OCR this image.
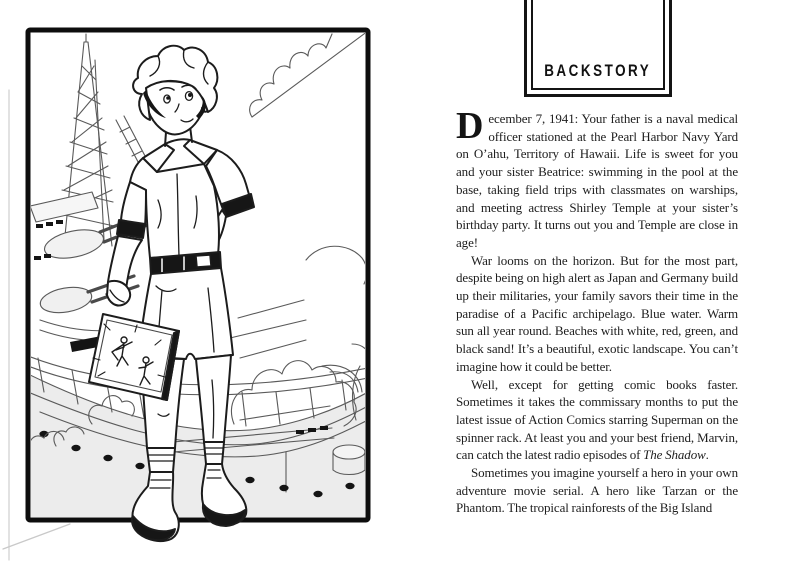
BACKSTORY

December 7, 1941: Your father is a naval medical officer stationed at the Pearl Harbor Navy Yard on O’ahu, Territory of Hawaii. Life is sweet for you and your sister Beatrice: swimming in the pool at the base, taking field trips with classmates on warships, and meeting actress Shirley Temple at your sister’s birthday party. It turns out you and Temple are close in age!

War looms on the horizon. But for the most part, despite being on high alert as Japan and Germany build up their militaries, your family savors their time in the paradise of a Pacific archipelago. Blue water. Warm sun all year round. Beaches with white, red, green, and black sand! It’s a beautiful, exotic landscape. You can’t imagine how it could be better.

Well, except for getting comic books faster. Sometimes it takes the commissary months to put the latest issue of Action Comics starring Superman on the spinner rack. At least you and your best friend, Marvin, can catch the latest radio episodes of The Shadow.

Sometimes you imagine yourself a hero in your own adventure movie serial. A hero like Tarzan or the Phantom. The tropical rainforests of the Big Island
